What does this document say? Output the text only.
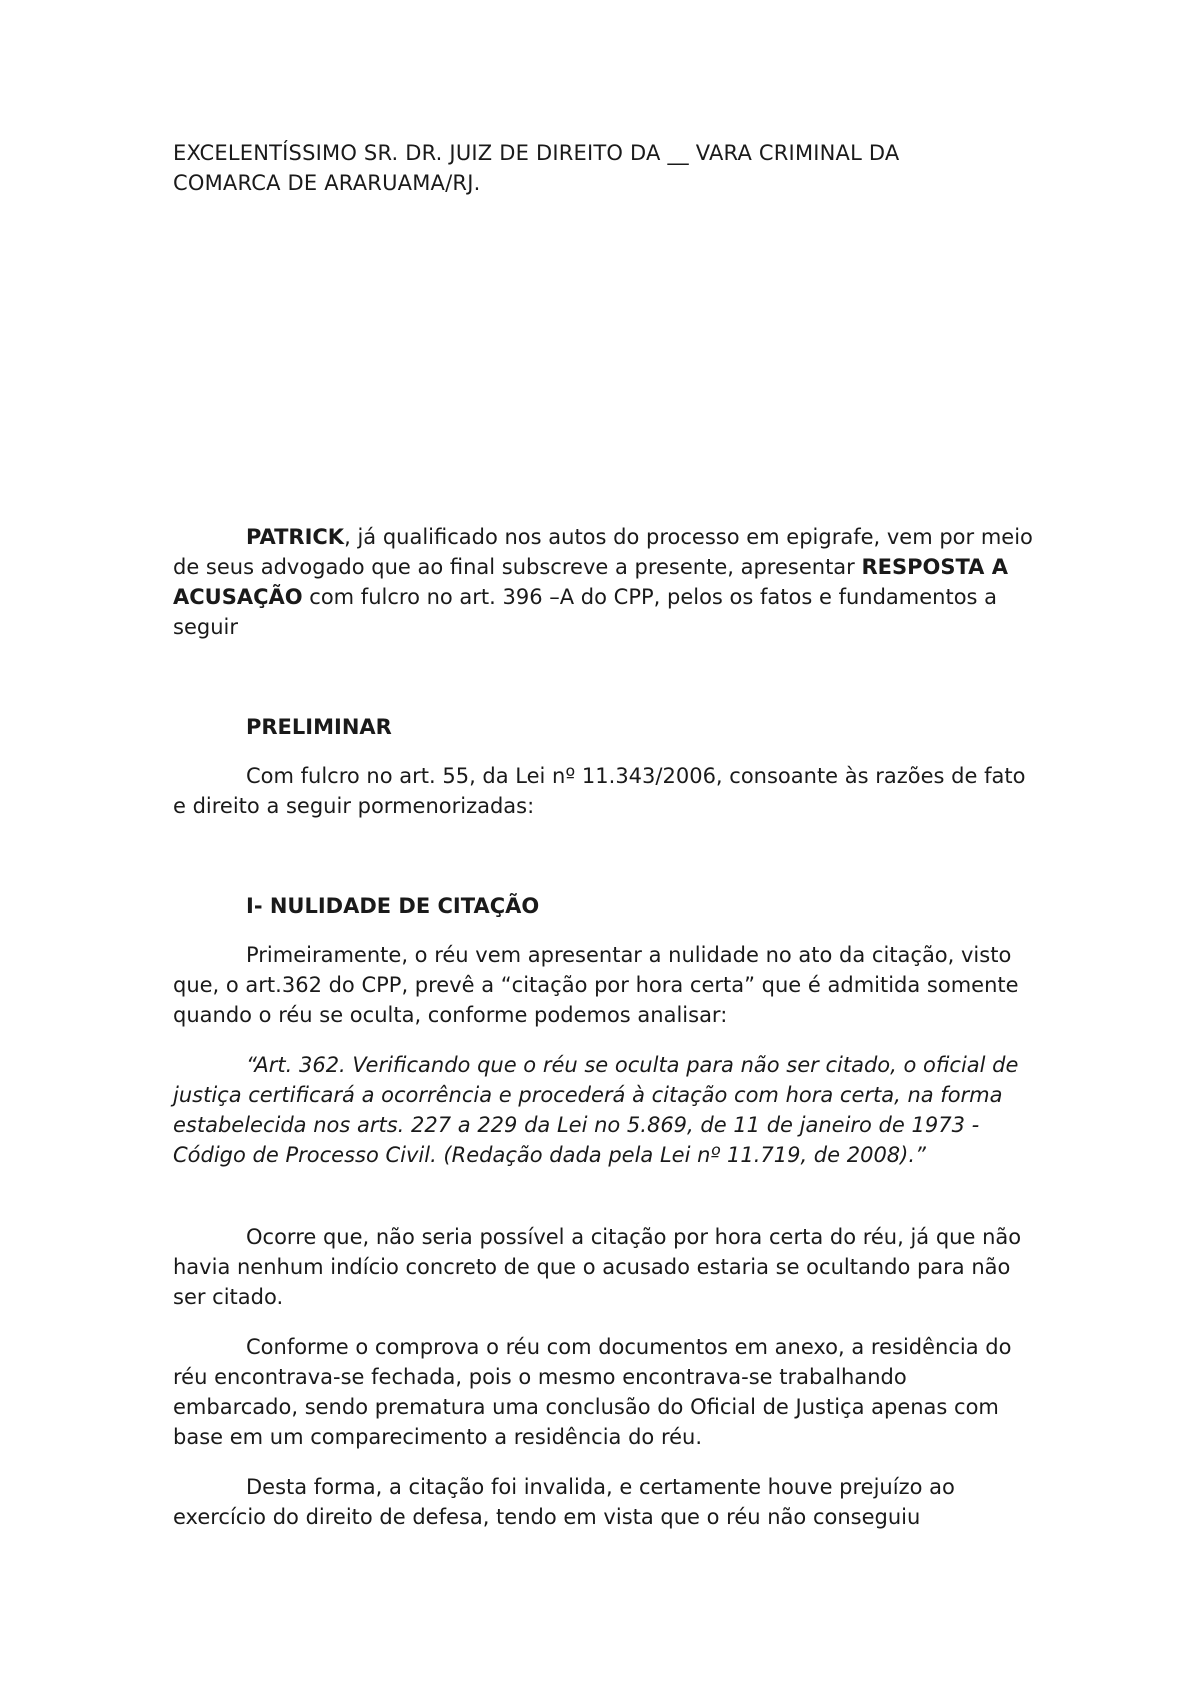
EXCELENTÍSSIMO SR. DR. JUIZ DE DIREITO DA __ VARA CRIMINAL DA
COMARCA DE ARARUAMA/RJ.

PATRICK, já qualificado nos autos do processo em epigrafe, vem por meio de seus advogado que ao final subscreve a presente, apresentar RESPOSTA A ACUSAÇÃO com fulcro no art. 396 –A do CPP, pelos os fatos e fundamentos a seguir

PRELIMINAR

Com fulcro no art. 55, da Lei nº 11.343/2006, consoante às razões de fato e direito a seguir pormenorizadas:

I- NULIDADE DE CITAÇÃO

Primeiramente, o réu vem apresentar a nulidade no ato da citação, visto que, o art.362 do CPP, prevê a “citação por hora certa” que é admitida somente quando o réu se oculta, conforme podemos analisar:

“Art. 362. Verificando que o réu se oculta para não ser citado, o oficial de justiça certificará a ocorrência e procederá à citação com hora certa, na forma estabelecida nos arts. 227 a 229 da Lei no 5.869, de 11 de janeiro de 1973 - Código de Processo Civil. (Redação dada pela Lei nº 11.719, de 2008).”

Ocorre que, não seria possível a citação por hora certa do réu, já que não havia nenhum indício concreto de que o acusado estaria se ocultando para não ser citado.

Conforme o comprova o réu com documentos em anexo, a residência do réu encontrava-se fechada, pois o mesmo encontrava-se trabalhando embarcado, sendo prematura uma conclusão do Oficial de Justiça apenas com base em um comparecimento a residência do réu.

Desta forma, a citação foi invalida, e certamente houve prejuízo ao exercício do direito de defesa, tendo em vista que o réu não conseguiu
